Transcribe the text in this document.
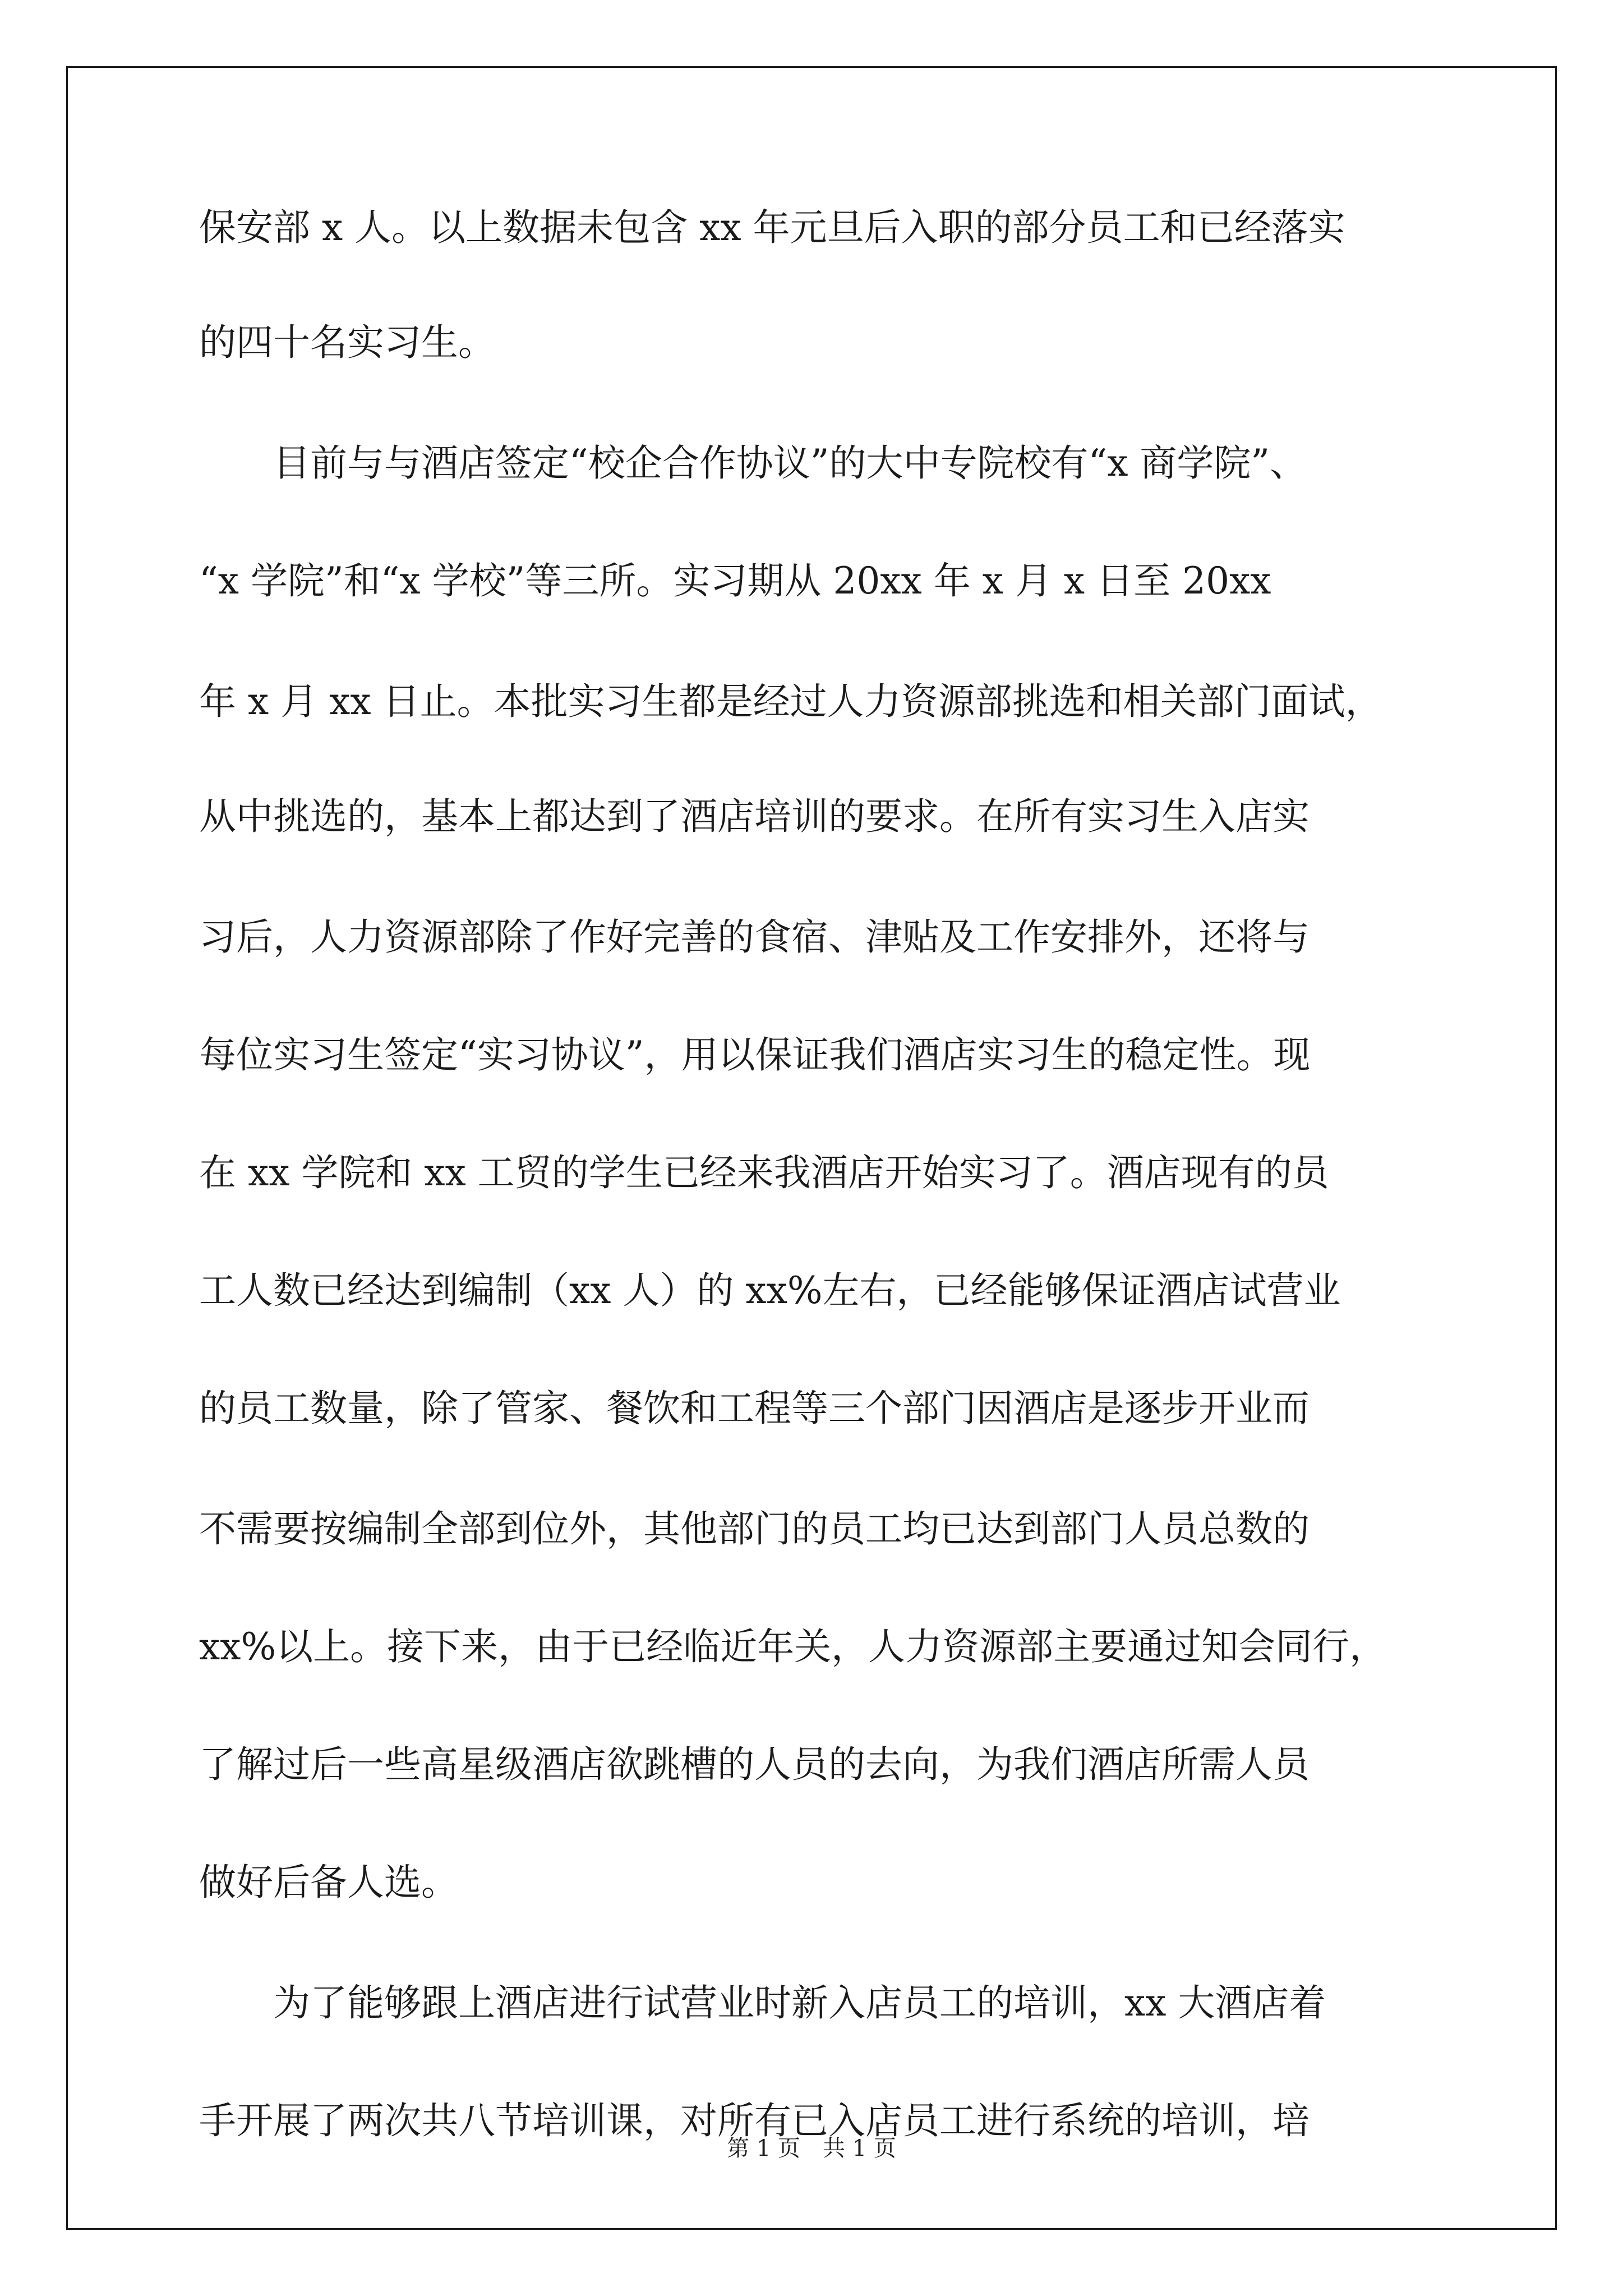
保安部 x 人。以上数据未包含 xx 年元旦后入职的部分员工和已经落实
的四十名实习生。
　　目前与与酒店签定“校企合作协议”的大中专院校有“x 商学院”、
“x 学院”和“x 学校”等三所。实习期从 20xx 年 x 月 x 日至 20xx
年 x 月 xx 日止。本批实习生都是经过人力资源部挑选和相关部门面试，
从中挑选的，基本上都达到了酒店培训的要求。在所有实习生入店实
习后，人力资源部除了作好完善的食宿、津贴及工作安排外，还将与
每位实习生签定“实习协议”，用以保证我们酒店实习生的稳定性。现
在 xx 学院和 xx 工贸的学生已经来我酒店开始实习了。酒店现有的员
工人数已经达到编制（xx 人）的 xx%左右，已经能够保证酒店试营业
的员工数量，除了管家、餐饮和工程等三个部门因酒店是逐步开业而
不需要按编制全部到位外，其他部门的员工均已达到部门人员总数的
xx%以上。接下来，由于已经临近年关，人力资源部主要通过知会同行，
了解过后一些高星级酒店欲跳槽的人员的去向，为我们酒店所需人员
做好后备人选。
　　为了能够跟上酒店进行试营业时新入店员工的培训，xx 大酒店着
手开展了两次共八节培训课，对所有已入店员工进行系统的培训，培
第 1 页 共 1 页
